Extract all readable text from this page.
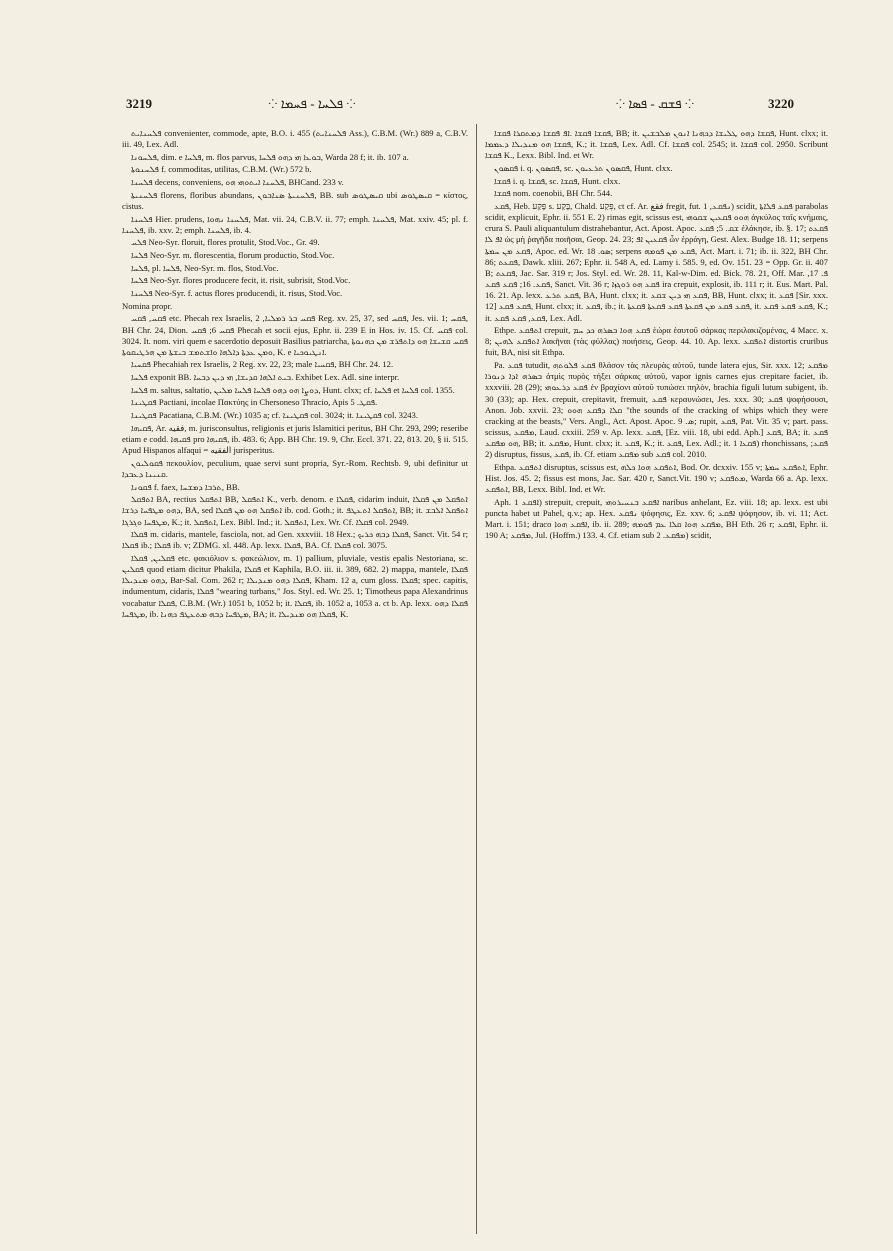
3219	⁘ ܦܠܚܐ - ܦܚܡܐ ⁘	⁘ ܦܫܩ - ܦܣܐ ⁘	3220

ܦܠܚܢܐܝܬ convenienter, commode, apte, B.O. i. 455 (ܦܠܚܢܐܝܬ Ass.), C.B.M. (Wr.) 889 a, C.B.V. iii. 49, Lex. Adl.

ܦܠܚܘܢܐ, dim. e ܦܠܚܐ, m. flos parvus, ܒܘܥܐ ܗܝ ܕܗܘ ܦܠܚܐ, Warda 28 f; it. ib. 107 a.

ܦܠܚܢܘܬܐ f. commoditas, utilitas, C.B.M. (Wr.) 572 b.

ܦܠܚܢܐ decens, conveniens, ܦܠܚܢܐ ܐܝܬܘܗܝ ܗܘ, BHCand. 233 v.

ܦܠܚܢܝܬܐ florens, floribus abundans, ܦܠܚܢܝܬܐ ܣܢܐܒܘܢ, BB. sub ܩܝܣܛܘܣ ubi ܩܝܣܛܘܣ = κίστος, cistus.

ܦܠܚܢܐ Hier. prudens, ܦܠܚܢܐ ܢܗܘܐ, Mat. vii. 24, C.B.V. ii. 77; emph. ܦܠܚܢܐ, Mat. xxiv. 45; pl. f. ܦܠܚܢܐ, ib. xxv. 2; emph. ܦܠܚܢܐ, ib. 4.

ܦܠܚ Neo-Syr. floruit, flores protulit, Stod.Voc., Gr. 49.

ܦܠܚܐ Neo-Syr. m. florescentia, florum productio, Stod.Voc.

ܦܠܚܐ, pl. ܦܠܚܐ, Neo-Syr. m. flos, Stod.Voc.

ܦܠܚܐ Neo-Syr. flores producere fecit, it. risit, subrisit, Stod.Voc.

ܦܠܚܢܐ Neo-Syr. f. actus flores producendi, it. risus, Stod.Voc.

Nomina propr.

ܦܩܚ, ܦܩܚ etc. Phecah rex Israelis, ܦܩܚ ܒܪ ܪܡܠܝܐ, 2 Reg. xv. 25, 37, sed ܦܩܚ, Jes. vii. 1; ܦܩܚ, BH Chr. 24, Dion. ܦܩܚ 6; ܦܩܚ Phecah et socii ejus, Ephr. ii. 239 E in Hos. iv. 15. Cf. ܦܩܚ col. 3024. It. nom. viri quem e sacerdotio deposuit Basilius patriarcha, ܦܩܚ ܩܫܝܫܐ ܗܘ ܕܐܬܦܪܫ ܡܢ ܟܗܢܘܬܐ ܘܡܢ ܥܕܬܐ ܕܐܠܗܐ ܘܐܫܬܡܫ ܒܝܫܬܐ ܡܢ ܗܪܛܝܩܘܬܐ, K. e ܐܢܛܝܘܟܝܐ.

ܦܩܚܝܐ Phecahiah rex Israelis, 2 Reg. xv. 22, 23; male ܦܩܚܝܐ, BH Chr. 24. 12.

ܦܠܚܐ exponit BB. ܒܝܬ ܐܠܗܐ ܩܕܝܫܐ, ܗܝ ܕܝܢ ܕܒܚܐ. Exhibet Lex. Adl. sine interpr.

ܦܠܚܐ m. saltus, saltatio, ܕܘܨܐ ܗܘ ܕܗܘ ܦܠܚܐ ܦܠܚܐ ܡܠܝܢ, Hunt. clxx; cf. ܦܠܚܐ et ܦܠܚܐ col. 1355.

ܦܩܛܝܢܐ Pactiani, incolae Πακτύης in Chersoneso Thracio, Apis ܦܩܛ. 5.

ܦܩܛܝܢܐ Pacatiana, C.B.M. (Wr.) 1035 a; cf. ܦܩܛܝܢܐ col. 3024; it. ܦܩܛܝܢܐ col. 3243.

ܦܩܝܗܐ, Ar. فقيه, m. jurisconsultus, religionis et juris Islamitici peritus, BH Chr. 293, 299; reseribe etiam e codd. ܦܩܝܗܐ pro ܦܩܝܗܐ, ib. 483. 6; App. BH Chr. 19. 9, Chr. Eccl. 371. 22, 813. 20, § ii. 515. Apud Hispanos alfaqui = الفقيه jurisperitus.

ܦܩܘܠܝܘܢ πεκουλίον, peculium, quae servi sunt propria, Syr.-Rom. Rechtsb. 9, ubi definitur ut ܩܢܝܢܐ ܕܥܒܕܐ.

ܦܩܘܢܐ f. faex, ܬܪܒܐ ܕܡܫܚܐ, BB.

ܐܬܦܩܠ BA, rectius ܐܬܦܩܠ BB, ܐܬܦܩܠ K., verb. denom. e ܦܩܠܐ, cidarim induit, ܐܬܦܩܠ ܡܢ ܦܩܠܐ ܕܗܘ ܡܛܦܚܐ ܕܪܫܐ, BA, sed ܐܬܦܩܠ ܗܘ ܡܢ ܦܩܠܐ ib. cod. Goth.; it. ܐܬܦܩܠ ܐܬܥܛܦ, BB; it. ܐܬܦܩܠ ܐܠܒܫ ܡܛܦܚܐ ܘܓܪܓܐ, K.; it. ܐܬܦܩܠ, Lex. Bibl. Ind.; it. ܐܬܦܩܠ, Lex. Wr. Cf. ܦܩܠܐ col. 2949.

ܦܩܠܐ m. cidaris, mantele, fasciola, not. ad Gen. xxxviii. 18 Hex.; ܦܩܠܐ ܕܒܗ ܟܪܝܟ, Sanct. Vit. 54 r; ܦܩܠܐ ib.; ܦܩܠܐ ib. v; ZDMG. xl. 448. Ap. lexx. ܦܩܠܐ, BA. Cf. ܦܩܠܐ col. 3075.

ܦܩܠܝܢ, ܦܩܠܐ etc. φακιόλιον s. φακεώλιον, m. 1) pallium, pluviale, vestis epalis Nestoriana, sc. ܦܩܠܝܢ quod etiam dicitur Phakila, ܦܩܠܐ et Kaphila, B.O. iii. ii. 389, 682. 2) mappa, mantele, ܦܩܠܐ ܕܗܘ ܡܢܕܝܠܐ, Bar-Sal. Com. 262 r; ܦܩܠܐ ܕܗܘ ܡܢܕܝܠܐ, Kham. 12 a, cum gloss. ܦܩܠܐ; spec. capitis, indumentum, cidaris, ܦܩܠܐ "wearing turbans," Jos. Styl. ed. Wr. 25. 1; Timotheus papa Alexandrinus vocabatur ܦܩܠܐ, C.B.M. (Wr.) 1051 b, 1052 b; it. ܦܩܠܐ, ib. 1052 a, 1053 a. ct b. Ap. lexx. ܦܩܠܐ ܕܗܘ ܡܛܦܚܐ, ib. ܡܛܦܚܐ ܕܒܗ ܡܬܥܛܦ ܟܗܢܐ, BA; it. ܦܩܠܐ ܗܘ ܡܢܕܝܠܐ, K.

ܦܩܫܐ ܦܩܫܐ .ܐܦ ܦܩܫܐ ܕܡܬܩܪܐ ܦܩܫܐ, BB; it. ܦܩܫܐ ܕܗܘ ܛܠܝܫܐ ܕܟܗܢܐ ܐܢܘܢ ܡܠܒܫܝܢ, Hunt. clxx; it. ܦܩܫܐ ܗܘ ܡܢܕܝܠܐ ܕܥܡܡܐ, K.; it. ܦܩܫܐ, Lex. Adl. Cf. ܦܩܫܐ col. 2545; it. ܦܩܫܐ col. 2950. Scribunt ܦܩܫܐ K., Lexx. Bibl. Ind. et Wr.

ܦܩܣܘܢ i. q. ܦܩܣܘܢ, sc. ܦܩܣܘܢ ܬܪܥܝܘܢ, Hunt. clxx.

ܦܩܫܐ i. q. ܦܩܫܐ, sc. ܦܩܫܐ, Hunt. clxx.

ܦܩܫܐ nom. coenobii, BH Chr. 544.

ܦܩܥ, Heb. פָּקַע s. בָּקַע, Chald. פְּקַע, ct cf. Ar. فقع fregit, fut. ܢܦܩܥ, 1) scidit, ܦܩܥ ܦܠܐܬܐ parabolas scidit, explicuit, Ephr. ii. 551 E. 2) rimas egit, scissus est, ܗܘܘ ܦܩܥܝܢ ܫܩܘܗܝ ἀγκύλος ταῖς κνήμαις, crura S. Pauli aliquantulum distrahebantur, Act. Apost. Apoc. ܫܩ. 5; ܦܩܥ ἐλάκησε, ib. §. 17; ܦܩܥܬ ܐܦ ܠܐ ὡς μὴ ῥαγῆδα ποιῆσαι, Geop. 24. 23; ܦܩܥܝܢ ܐܦ ὧν ἐρράγη, Gest. Alex. Budge 18. 11; serpens ܦܩܥ ܡܢ ܚܡܬܐ, Apoc. ed. Wr. ܣܘ. 18; serpens ܦܩܥ ܡܢ ܦܘܡܗ, Act. Mart. i. 71; ib. ii. 322, BH Chr. 86; ܦܩܥܬ, Dawk. xliii. 267; Ephr. ii. 548 A, ed. Lamy i. 585. 9, ed. Ov. 151. 23 = Opp. Gr. ii. 407 B; ܦܩܥܬ, Jac. Sar. 319 r; Jos. Styl. ed. Wr. 28. 11, Kal-w-Dim. ed. Bick. 78. 21, Off. Mar. ܦ. 17, ܦܩܥ. 16; ܦܩܥ ܦܩܥ, Sanct. Vit. 36 r; ܦܩܥ ܗܘ ܪܘܓܙܐ ira crepuit, explosit, ib. 111 r; it. Eus. Mart. Pal. 16. 21. Ap. lexx. ܦܩܥ ܬܪܥ, BA, Hunt. clxx; it. ܦܩܥ ܗܝ ܕܝܢ ܫܩܥ, BB, Hunt. clxx; it. ܦܩܥ [Sir. xxx. 12] ܦܩܥ ܦܩܥ, Hunt. clxx; it. ܦܩܥ, ib.; it. ܦܩܥ ܦܩܥ ܡܢ ܦܩܥܬܐ ܦܩܥ ܦܩܥܬܐ ܦܩܥܬܐ, it. ܦܩܥ ܦܩܥ ܦܩܥ, K.; it. ܦܩܥ, ܦܩܥ ܦܩܥ, Lex. Adl.

Ethpe. ܐܬܦܩܥ crepuit, ܦܩܥ ܗܘܐ ܒܣܪܗ ܟܕ ܚܡ ἑώρα ἑαυτοῦ σάρκας περιλακιζομένας, 4 Macc. x. 8; ܐܬܦܩܥ ܠܗܝܢ λακῆναι (τὰς φύλλας) ποιήσεις, Geop. 44. 10. Ap. lexx. ܐܬܦܩܥ distortis cruribus fuit, BA, nisi sit Ethpa.

Pa. ܦܩܥ tutudit, ܦܩܥ ܦܠܘܬܗ θλάσον τὰς πλευρὰς αὐτοῦ, tunde latera ejus, Sir. xxx. 12; ܡܦܩܥ ܒܣܪܗ ܐܕܐ ܕܢܘܪܐ ἀτμὶς πυρὸς τήξει σάρκας αὐτοῦ, vapor ignis carnes ejus crepitare faciet, ib. xxxviii. 28 (29); ܦܩܥ ܕܪܥܘܗܝ ἐν βραχίονι αὐτοῦ τυπώσει πηλὸν, brachia figuli lutum subigent, ib. 30 (33); ap. Hex. crepuit, crepitavit, fremuit, ܦܩܥ κεραυνώσει, Jes. xxx. 30; ܦܩܥ ψοφήσουσι, Anon. Job. xxvii. 23; ܩܠܐ ܕܦܩܥ ܗܘܘ "the sounds of the cracking of whips which they were cracking at the beasts," Vers. Angl., Act. Apost. Apoc. ܣ. 9; rupit, ܦܩܥ, Pat. Vit. 35 v; part. pass. scissus, ܡܦܩܥ, Laud. cxxiii. 259 v. Ap. lexx. ܦܩܥ, [Ez. viii. 18, ubi edd. Aph.] ܦܩܥ, BA; it. ܦܩܥ ܗܘ ܡܦܩܥ, BB; it. ܡܦܩܥ, Hunt. clxx; it. ܦܩܥ, K.; it. ܦܩܥ, Lex. Adl.; it. ܦܩܥܐ 1) rhonchissans, ܦܩܥ; 2) disruptus, fissus, ܦܩܥ, ib. Cf. etiam ܡܦܩܥ sub ܦܩܥ col. 2010.

Ethpa. ܐܬܦܩܥ disruptus, scissus est, ܐܬܦܩܥ ܗܘܐ ܟܠܗ, Bod. Or. dcxxiv. 155 v; ܐܬܦܩܥ ܚܡܬܐ, Ephr. Hist. Jos. 45. 2; fissus est mons, Jac. Sar. 420 r, Sanct.Vit. 190 v; ܡܬܦܩܥ, Warda 66 a. Ap. lexx. ܐܬܦܩܥ, BB, Lexx. Bibl. Ind. et Wr.

Aph. ܐܦܩܥ 1) strepuit, crepuit, ܐܦܩܥ ܒܢܚܝܪܘܗܝ naribus anhelant, Ez. viii. 18; ap. lexx. est ubi puncta habet ut Pahel, q.v.; ap. Hex. ܢܦܩܥ ψόφησις, Ez. xxv. 6; ܐܦܩܥ ψόφησον, ib. vi. 11; Act. Mart. i. 151; draco ܐܦܩܥ ܗܘܐ, ib. ii. 289; ܡܦܩܥ ܗܘܐ ܩܠܐ ܥܡ ܦܘܡܗ, BH Eth. 26 r; ܐܦܩܥ, Ephr. ii. 190 A; ܡܦܩܥ, Jul. (Hoffm.) 133. 4. Cf. etiam sub ܡܦܩܥ. 2) scidit,
